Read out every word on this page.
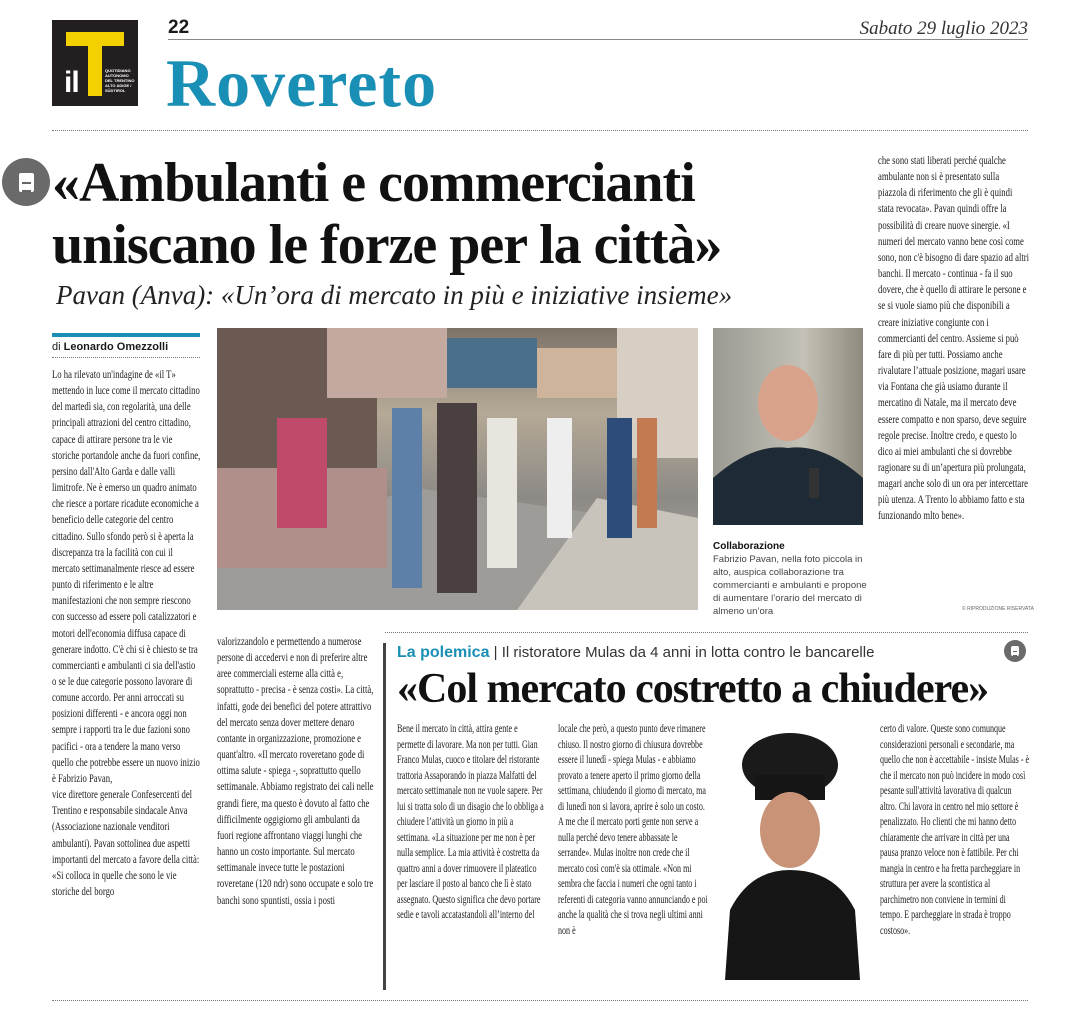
il	QUOTIDIANO AUTONOMO DEL TRENTINO ALTO ADIGE / SÜDTIROL
22	Sabato 29 luglio 2023
Rovereto
«Ambulanti e commercianti uniscano le forze per la città»
Pavan (Anva): «Un’ora di mercato in più e iniziative insieme»
di Leonardo Omezzolli

Lo ha rilevato un'indagine de «il T» mettendo in luce come il mercato cittadino del martedì sia, con regolarità, una delle principali attrazioni del centro cittadino, capace di attirare persone tra le vie storiche portandole anche da fuori confine, persino dall'Alto Garda e dalle valli limitrofe. Ne è emerso un quadro animato che riesce a portare ricadute economiche a beneficio delle categorie del centro cittadino. Sullo sfondo però si è aperta la discrepanza tra la facilità con cui il mercato settimanalmente riesce ad essere punto di riferimento e le altre manifestazioni che non sempre riescono con successo ad essere poli catalizzatori e motori dell'economia diffusa capace di generare indotto. C'è chi si è chiesto se tra commercianti e ambulanti ci sia dell'astio o se le due categorie possono lavorare di comune accordo. Per anni arroccati su posizioni differenti - e ancora oggi non sempre i rapporti tra le due fazioni sono pacifici - ora a tendere la mano verso quello che potrebbe essere un nuovo inizio è Fabrizio Pavan,

vice direttore generale Confesercenti del Trentino e responsabile sindacale Anva (Associazione nazionale venditori ambulanti). Pavan sottolinea due aspetti importanti del mercato a favore della città: «Si colloca in quelle che sono le vie storiche del borgo

Collaborazione
Fabrizio Pavan, nella foto piccola in alto, auspica collaborazione tra commercianti e ambulanti e propone di aumentare l’orario del mercato di almeno un’ora

valorizzandolo e permettendo a numerose persone di accedervi e non di preferire altre aree commerciali esterne alla città e, soprattutto - precisa - è senza costi». La città, infatti, gode dei benefici del potere attrattivo del mercato senza dover mettere denaro contante in organizzazione, promozione e quant'altro. «Il mercato roveretano gode di ottima salute - spiega -, soprattutto quello settimanale. Abbiamo registrato dei cali nelle grandi fiere, ma questo è dovuto al fatto che difficilmente oggigiorno gli ambulanti da fuori regione affrontano viaggi lunghi che hanno un costo importante. Sul mercato settimanale invece tutte le postazioni roveretane (120 ndr) sono occupate e solo tre banchi sono spuntisti, ossia i posti

che sono stati liberati perché qualche ambulante non si è presentato sulla piazzola di riferimento che gli è quindi stata revocata». Pavan quindi offre la possibilità di creare nuove sinergie. «I numeri del mercato vanno bene così come sono, non c'è bisogno di dare spazio ad altri banchi. Il mercato - continua - fa il suo dovere, che è quello di attirare le persone e se si vuole siamo più che disponibili a creare iniziative congiunte con i commercianti del centro. Assieme si può fare di più per tutti. Possiamo anche rivalutare l’attuale posizione, magari usare via Fontana che già usiamo durante il mercatino di Natale, ma il mercato deve essere compatto e non sparso, deve seguire regole precise. Inoltre credo, e questo lo dico ai miei ambulanti che si dovrebbe ragionare su di un’apertura più prolungata, magari anche solo di un ora per intercettare più utenza. A Trento lo abbiamo fatto e sta funzionando mlto bene».

© RIPRODUZIONE RISERVATA
La polemica | Il ristoratore Mulas da 4 anni in lotta contro le bancarelle
«Col mercato costretto a chiudere»

Bene il mercato in città, attira gente e permette di lavorare. Ma non per tutti. Gian Franco Mulas, cuoco e titolare del ristorante trattoria Assaporando in piazza Malfatti del mercato settimanale non ne vuole sapere. Per lui si tratta solo di un disagio che lo obbliga a chiudere l’attività un giorno in più a settimana. «La situazione per me non è per nulla semplice. La mia attività è costretta da quattro anni a dover rimuovere il plateatico per lasciare il posto al banco che lì è stato assegnato. Questo significa che devo portare sedie e tavoli accatastandoli all’interno del

locale che però, a questo punto deve rimanere chiuso. Il nostro giorno di chiusura dovrebbe essere il lunedì - spiega Mulas - e abbiamo provato a tenere aperto il primo giorno della settimana, chiudendo il giorno di mercato, ma di lunedì non si lavora, aprire è solo un costo. A me che il mercato porti gente non serve a nulla perché devo tenere abbassate le serrande». Mulas inoltre non crede che il mercato così com'è sia ottimale. «Non mi sembra che faccia i numeri che ogni tanto i referenti di categoria vanno annunciando e poi anche la qualità che si trova negli ultimi anni non è

certo di valore. Queste sono comunque considerazioni personali e secondarie, ma quello che non è accettabile - insiste Mulas - è che il mercato non può incidere in modo così pesante sull'attività lavorativa di qualcun altro. Chi lavora in centro nel mio settore è penalizzato. Ho clienti che mi hanno detto chiaramente che arrivare in città per una pausa pranzo veloce non è fattibile. Per chi mangia in centro e ha fretta parcheggiare in struttura per avere la scontistica al parchimetro non conviene in termini di tempo. E parcheggiare in strada è troppo costoso».
